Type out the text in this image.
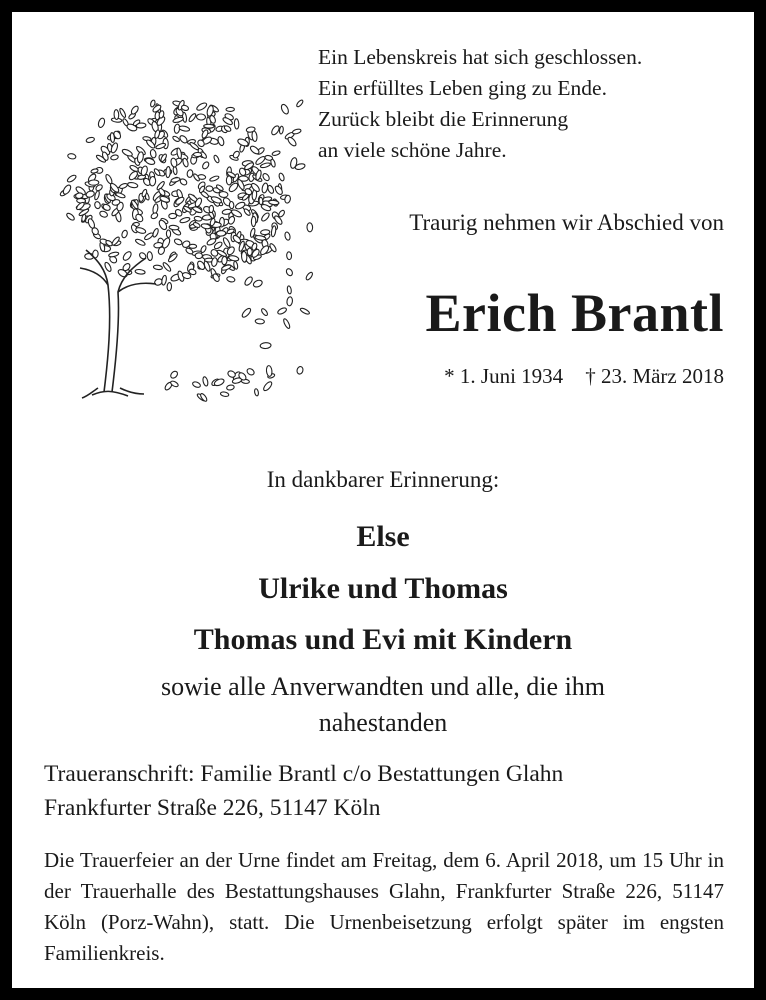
Ein Lebenskreis hat sich geschlossen.
Ein erfülltes Leben ging zu Ende.
Zurück bleibt die Erinnerung
an viele schöne Jahre.
Traurig nehmen wir Abschied von
Erich Brantl
* 1. Juni 1934 † 23. März 2018
In dankbarer Erinnerung:
Else
Ulrike und Thomas
Thomas und Evi mit Kindern
sowie alle Anverwandten und alle, die ihm
nahestanden
Traueranschrift: Familie Brantl c/o Bestattungen Glahn
Frankfurter Straße 226, 51147 Köln
Die Trauerfeier an der Urne findet am Freitag, dem 6. April 2018, um 15 Uhr in der Trauerhalle des Bestattungshauses Glahn, Frankfurter Straße 226, 51147 Köln (Porz-Wahn), statt. Die Urnenbeisetzung erfolgt später im engsten Familienkreis.
